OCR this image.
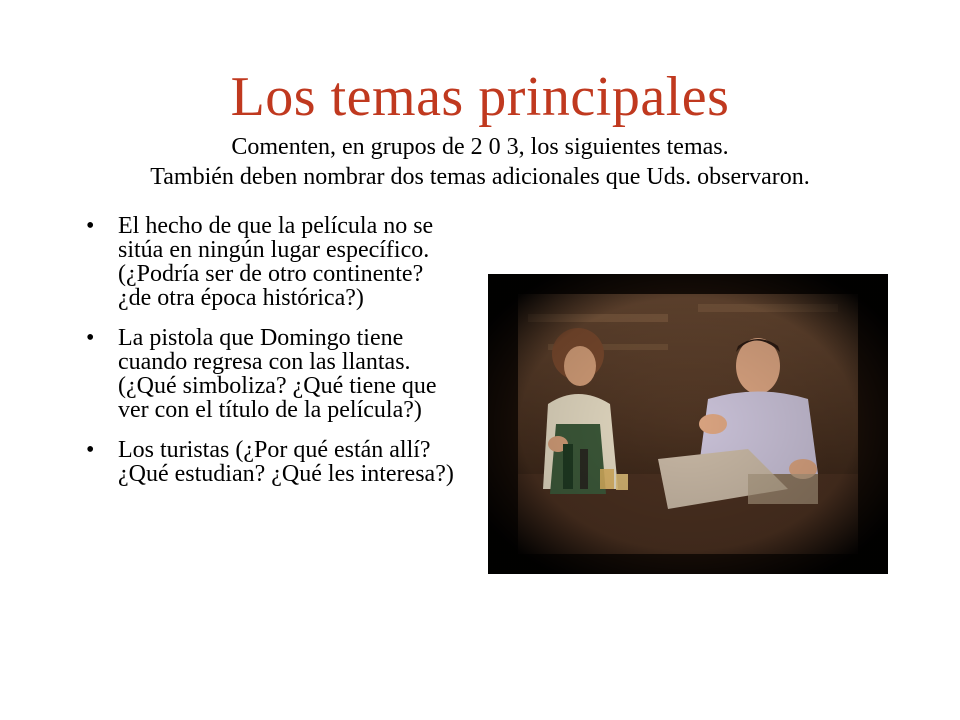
Los temas principales
Comenten, en grupos de 2 0 3, los siguientes temas.
También deben nombrar dos temas adicionales que Uds. observaron.
• El hecho de que la película no se sitúa en ningún lugar específico. (¿Podría ser de otro continente? ¿de otra época histórica?)
• La pistola que Domingo tiene cuando regresa con las llantas. (¿Qué simboliza? ¿Qué tiene que ver con el título de la película?)
• Los turistas (¿Por qué están allí? ¿Qué estudian? ¿Qué les interesa?)
